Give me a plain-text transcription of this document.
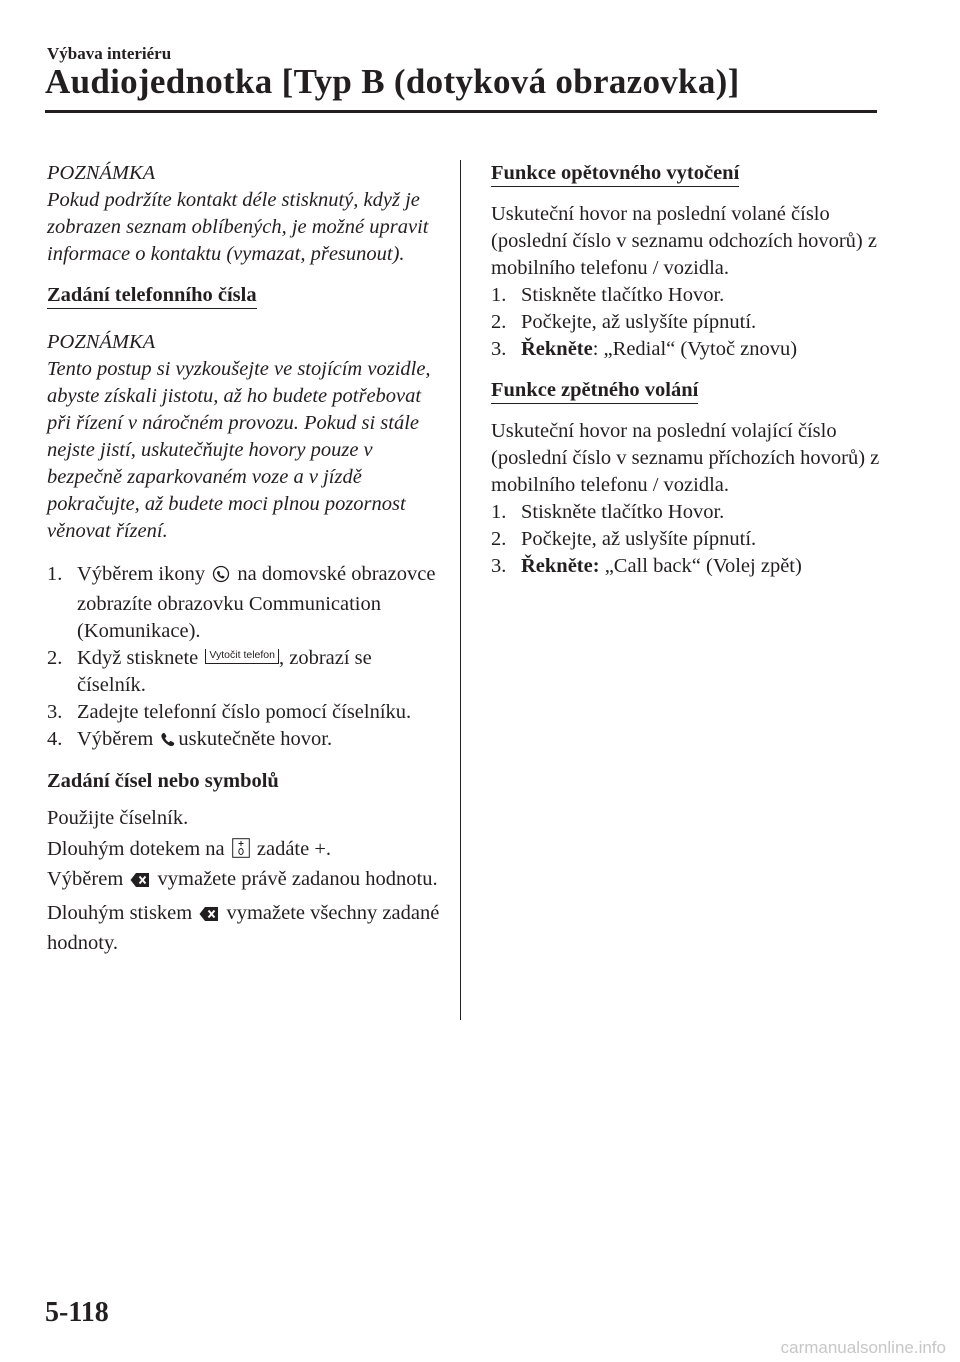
Výbava interiéru
Audiojednotka [Typ B (dotyková obrazovka)]
POZNÁMKA
Pokud podržíte kontakt déle stisknutý, když je zobrazen seznam oblíbených, je možné upravit informace o kontaktu (vymazat, přesunout).
Zadání telefonního čísla
POZNÁMKA
Tento postup si vyzkoušejte ve stojícím vozidle, abyste získali jistotu, až ho budete potřebovat při řízení v náročném provozu. Pokud si stále nejste jistí, uskutečňujte hovory pouze v bezpečně zaparkovaném voze a v jízdě pokračujte, až budete moci plnou pozornost věnovat řízení.
1. Výběrem ikony na domovské obrazovce zobrazíte obrazovku Communication (Komunikace).
2. Když stisknete Vytočit telefon , zobrazí se číselník.
3. Zadejte telefonní číslo pomocí číselníku.
4. Výběrem uskutečněte hovor.
Zadání čísel nebo symbolů
Použijte číselník.
Dlouhým dotekem na zadáte +.
Výběrem vymažete právě zadanou hodnotu.
Dlouhým stiskem vymažete všechny zadané hodnoty.
Funkce opětovného vytočení
Uskuteční hovor na poslední volané číslo (poslední číslo v seznamu odchozích hovorů) z mobilního telefonu / vozidla.
1. Stiskněte tlačítko Hovor.
2. Počkejte, až uslyšíte pípnutí.
3. Řekněte: „Redial“ (Vytoč znovu)
Funkce zpětného volání
Uskuteční hovor na poslední volající číslo (poslední číslo v seznamu příchozích hovorů) z mobilního telefonu / vozidla.
1. Stiskněte tlačítko Hovor.
2. Počkejte, až uslyšíte pípnutí.
3. Řekněte: „Call back“ (Volej zpět)
5-118
carmanualsonline.info
